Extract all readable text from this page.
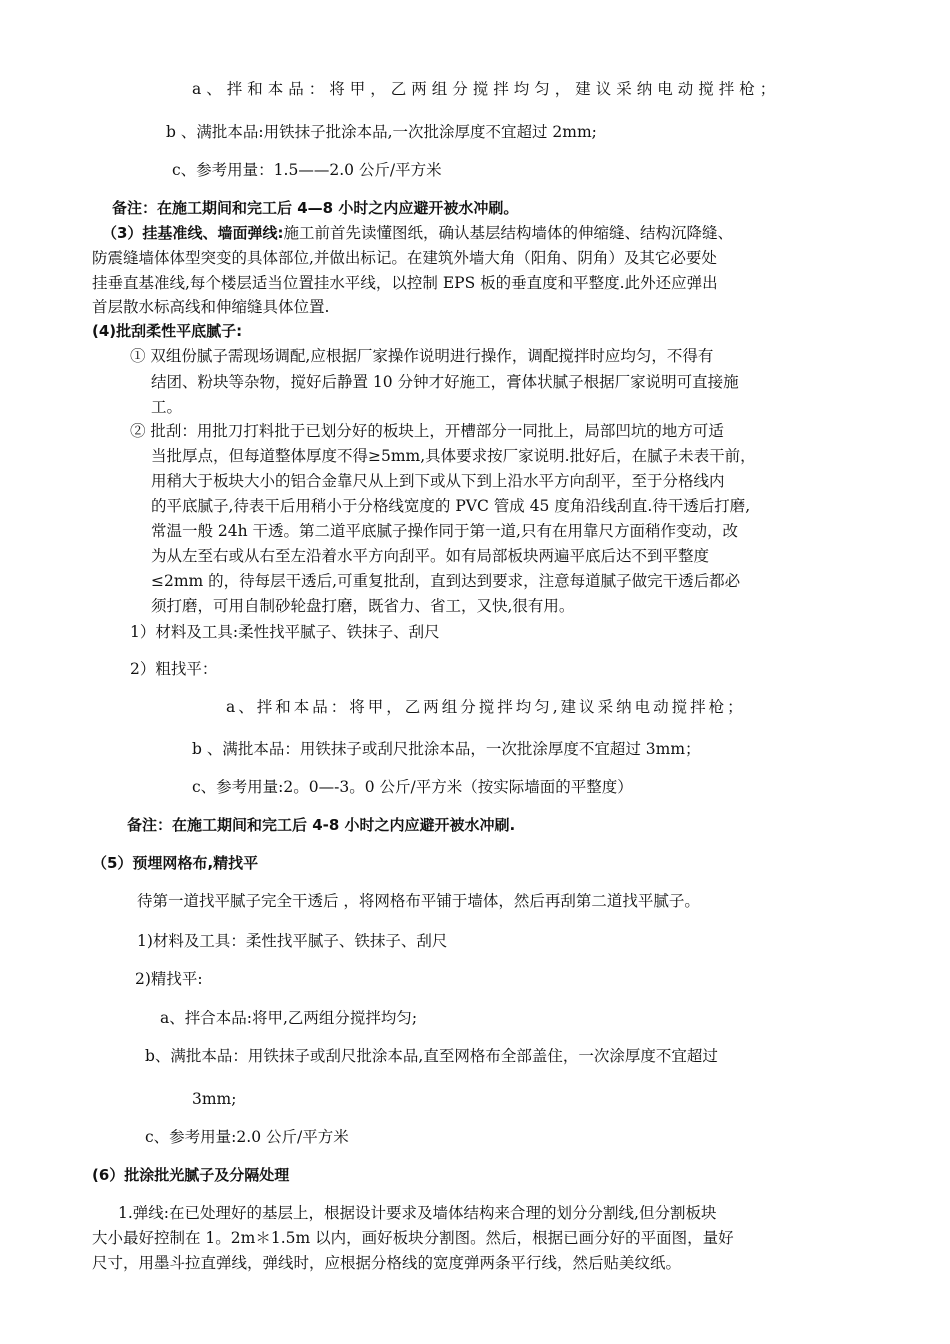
a、拌和本品：将甲，乙两组分搅拌均匀，建议采纳电动搅拌枪；
b 、满批本品:用铁抹子批涂本品,一次批涂厚度不宜超过 2mm;
c、参考用量：1.5——2.0 公斤/平方米
备注：在施工期间和完工后 4—8 小时之内应避开被水冲刷。
（3）挂基准线、墙面弹线:施工前首先读懂图纸，确认基层结构墙体的伸缩缝、结构沉降缝、
防震缝墙体体型突变的具体部位,并做出标记。在建筑外墙大角（阳角、阴角）及其它必要处
挂垂直基准线,每个楼层适当位置挂水平线，以控制 EPS 板的垂直度和平整度.此外还应弹出
首层散水标高线和伸缩缝具体位置.
(4)批刮柔性平底腻子:
① 双组份腻子需现场调配,应根据厂家操作说明进行操作，调配搅拌时应均匀，不得有
结团、粉块等杂物，搅好后静置 10 分钟才好施工，膏体状腻子根据厂家说明可直接施
工。
② 批刮：用批刀打料批于已划分好的板块上，开槽部分一同批上，局部凹坑的地方可适
当批厚点，但每道整体厚度不得≥5mm,具体要求按厂家说明.批好后，在腻子未表干前，
用稍大于板块大小的铝合金靠尺从上到下或从下到上沿水平方向刮平，至于分格线内
的平底腻子,待表干后用稍小于分格线宽度的 PVC 管成 45 度角沿线刮直.待干透后打磨,
常温一般 24h 干透。第二道平底腻子操作同于第一道,只有在用靠尺方面稍作变动，改
为从左至右或从右至左沿着水平方向刮平。如有局部板块两遍平底后达不到平整度
≤2mm 的，待每层干透后,可重复批刮，直到达到要求，注意每道腻子做完干透后都必
须打磨，可用自制砂轮盘打磨，既省力、省工，又快,很有用。
1）材料及工具:柔性找平腻子、铁抹子、刮尺
2）粗找平：
a、拌和本品：将甲，乙两组分搅拌均匀,建议采纳电动搅拌枪；
b 、满批本品：用铁抹子或刮尺批涂本品，一次批涂厚度不宜超过 3mm；
c、参考用量:2。0—-3。0 公斤/平方米（按实际墙面的平整度）
备注：在施工期间和完工后 4-8 小时之内应避开被水冲刷.
（5）预埋网格布,精找平
待第一道找平腻子完全干透后 ，将网格布平铺于墙体，然后再刮第二道找平腻子。
1)材料及工具：柔性找平腻子、铁抹子、刮尺
2)精找平:
a、拌合本品:将甲,乙两组分搅拌均匀;
b、满批本品：用铁抹子或刮尺批涂本品,直至网格布全部盖住，一次涂厚度不宜超过
3mm;
c、参考用量:2.0 公斤/平方米
(6）批涂批光腻子及分隔处理
1.弹线:在已处理好的基层上，根据设计要求及墙体结构来合理的划分分割线,但分割板块
大小最好控制在 1。2m＊1.5m 以内，画好板块分割图。然后，根据已画分好的平面图，量好
尺寸，用墨斗拉直弹线，弹线时，应根据分格线的宽度弹两条平行线，然后贴美纹纸。
